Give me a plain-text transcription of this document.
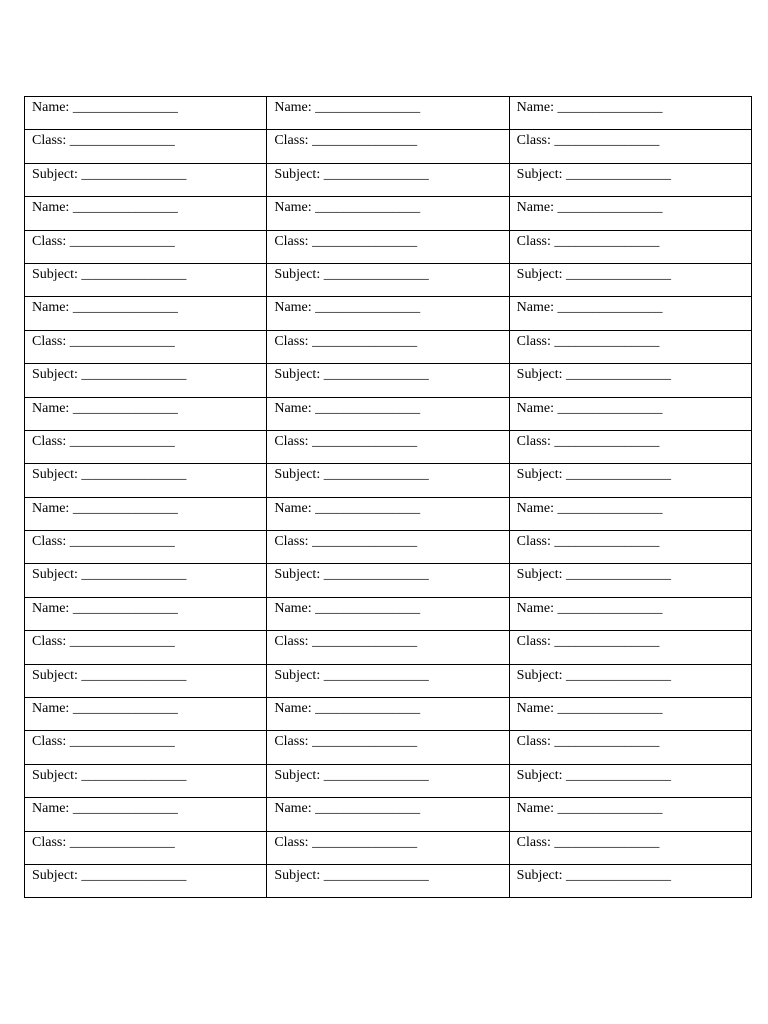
Name: _______________	Name: _______________	Name: _______________
Class: _______________	Class: _______________	Class: _______________
Subject: _______________	Subject: _______________	Subject: _______________
Name: _______________	Name: _______________	Name: _______________
Class: _______________	Class: _______________	Class: _______________
Subject: _______________	Subject: _______________	Subject: _______________
Name: _______________	Name: _______________	Name: _______________
Class: _______________	Class: _______________	Class: _______________
Subject: _______________	Subject: _______________	Subject: _______________
Name: _______________	Name: _______________	Name: _______________
Class: _______________	Class: _______________	Class: _______________
Subject: _______________	Subject: _______________	Subject: _______________
Name: _______________	Name: _______________	Name: _______________
Class: _______________	Class: _______________	Class: _______________
Subject: _______________	Subject: _______________	Subject: _______________
Name: _______________	Name: _______________	Name: _______________
Class: _______________	Class: _______________	Class: _______________
Subject: _______________	Subject: _______________	Subject: _______________
Name: _______________	Name: _______________	Name: _______________
Class: _______________	Class: _______________	Class: _______________
Subject: _______________	Subject: _______________	Subject: _______________
Name: _______________	Name: _______________	Name: _______________
Class: _______________	Class: _______________	Class: _______________
Subject: _______________	Subject: _______________	Subject: _______________
